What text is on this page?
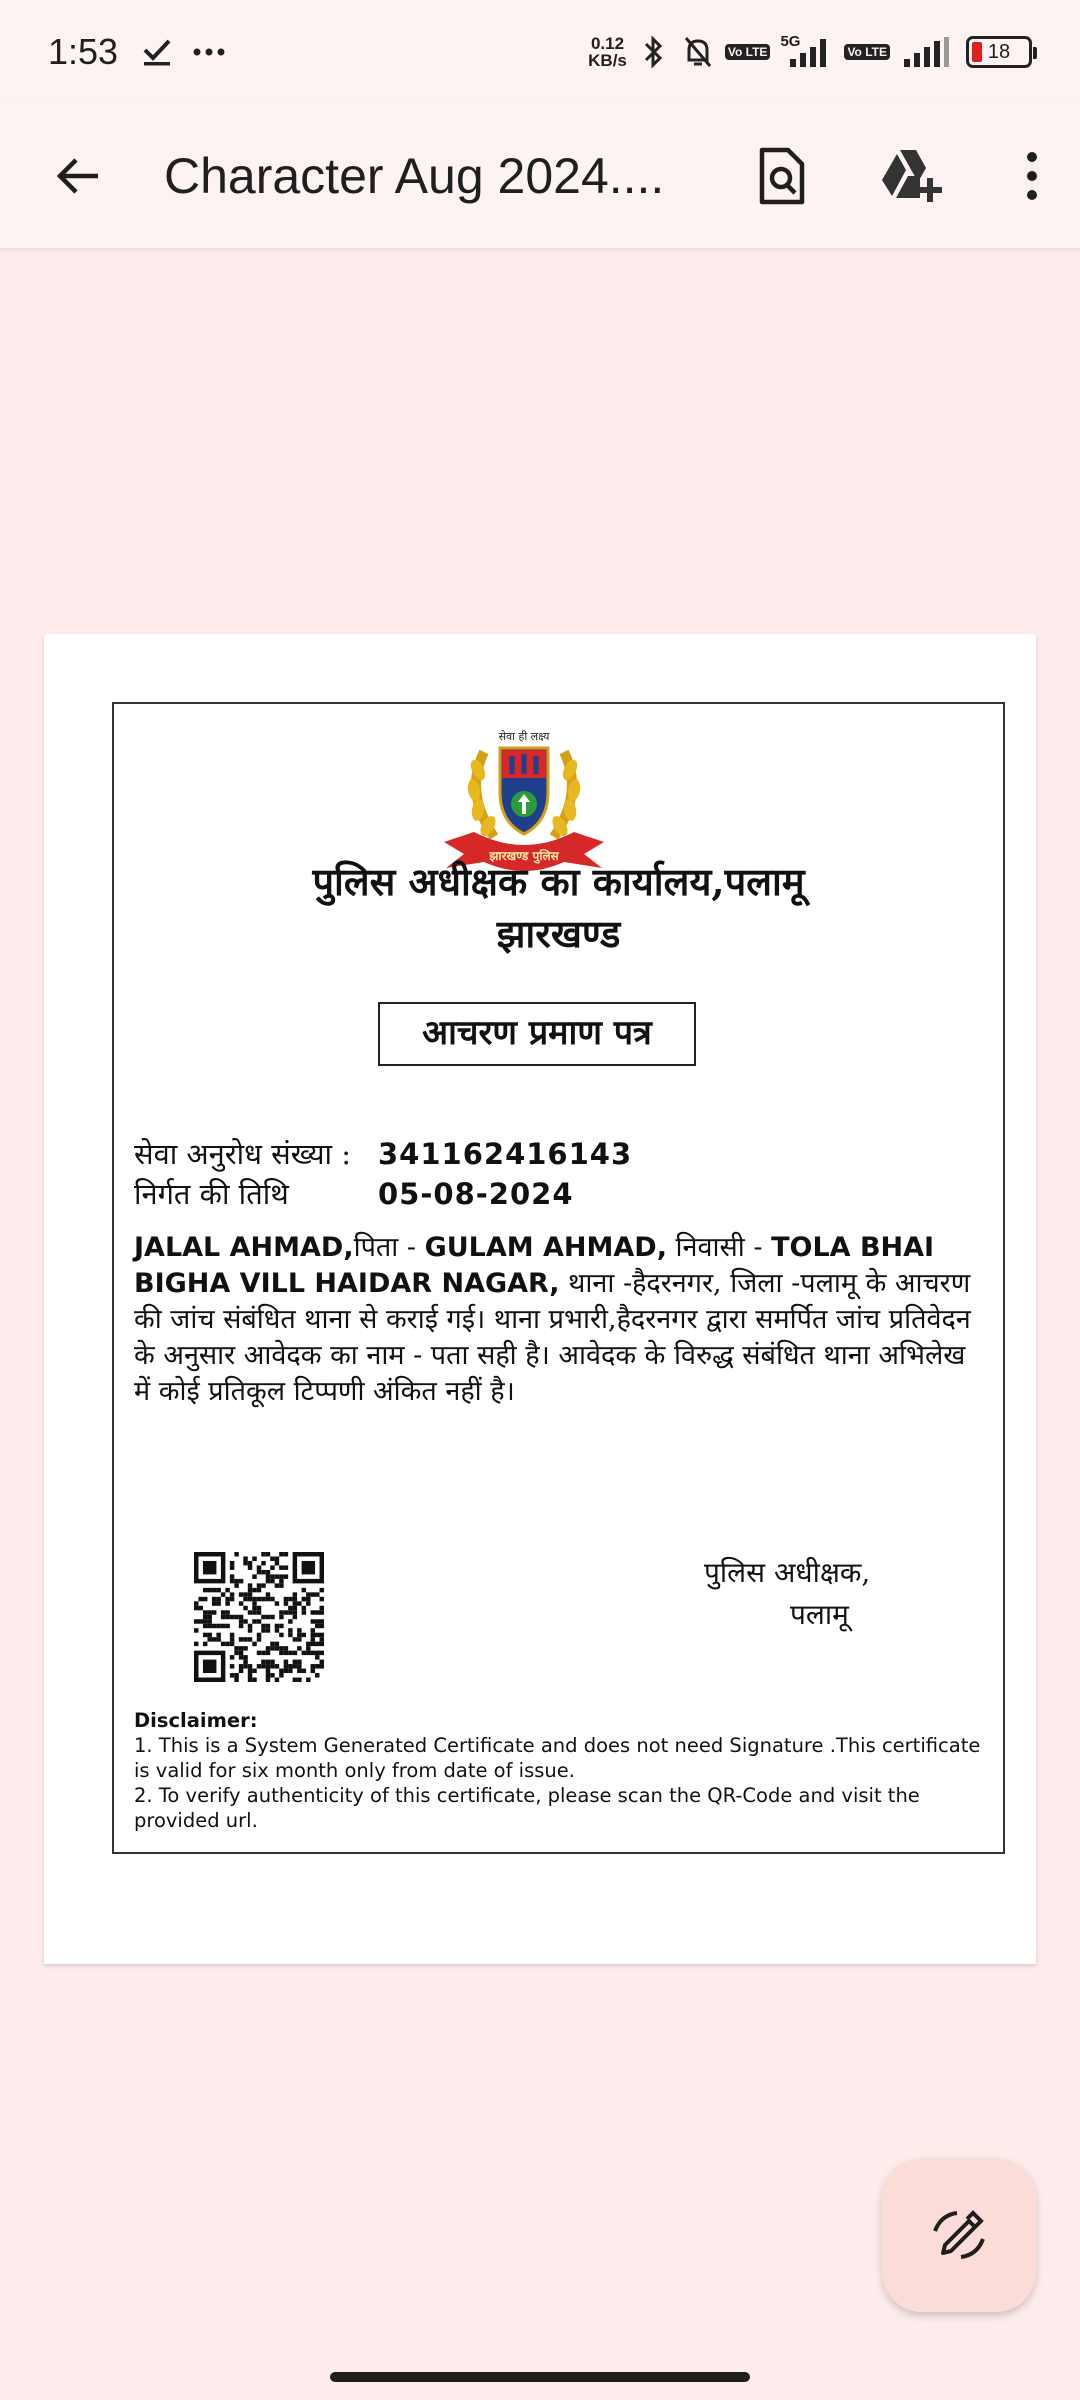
1:53	0.12
KB/s	Vo LTE
5G
Vo LTE	18
Character Aug 2024....
सेवा ही लक्ष्य
झारखण्ड पुलिस
पुलिस अधीक्षक का कार्यालय,पलामू
झारखण्ड
आचरण प्रमाण पत्र
सेवा अनुरोध संख्या : 341162416143
निर्गत की तिथि	05-08-2024
JALAL AHMAD,पिता - GULAM AHMAD, निवासी - TOLA BHAI BIGHA VILL HAIDAR NAGAR, थाना -हैदरनगर, जिला -पलामू के आचरण की जांच संबंधित थाना से कराई गई। थाना प्रभारी,हैदरनगर द्वारा समर्पित जांच प्रतिवेदन के अनुसार आवेदक का नाम - पता सही है। आवेदक के विरुद्ध संबंधित थाना अभिलेख में कोई प्रतिकूल टिप्पणी अंकित नहीं है।
पुलिस अधीक्षक,
पलामू
Disclaimer:
1. This is a System Generated Certificate and does not need Signature .This certificate is valid for six month only from date of issue.
2. To verify authenticity of this certificate, please scan the QR-Code and visit the provided url.
